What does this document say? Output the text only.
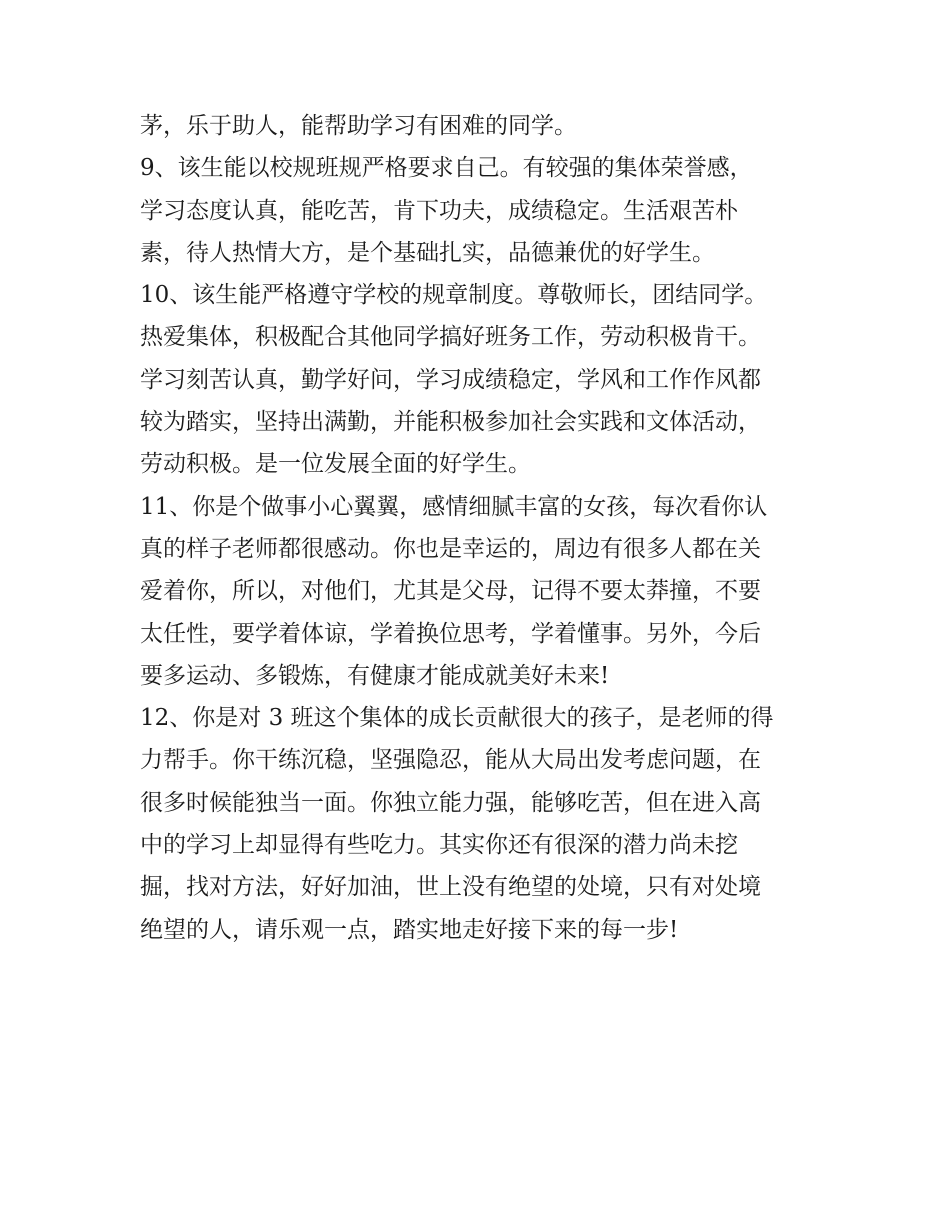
茅，乐于助人，能帮助学习有困难的同学。
9、该生能以校规班规严格要求自己。有较强的集体荣誉感，
学习态度认真，能吃苦，肯下功夫，成绩稳定。生活艰苦朴
素，待人热情大方，是个基础扎实，品德兼优的好学生。
10、该生能严格遵守学校的规章制度。尊敬师长，团结同学。
热爱集体，积极配合其他同学搞好班务工作，劳动积极肯干。
学习刻苦认真，勤学好问，学习成绩稳定，学风和工作作风都
较为踏实，坚持出满勤，并能积极参加社会实践和文体活动，
劳动积极。是一位发展全面的好学生。
11、你是个做事小心翼翼，感情细腻丰富的女孩，每次看你认
真的样子老师都很感动。你也是幸运的，周边有很多人都在关
爱着你，所以，对他们，尤其是父母，记得不要太莽撞，不要
太任性，要学着体谅，学着换位思考，学着懂事。另外，今后
要多运动、多锻炼，有健康才能成就美好未来!
12、你是对 3 班这个集体的成长贡献很大的孩子，是老师的得
力帮手。你干练沉稳，坚强隐忍，能从大局出发考虑问题，在
很多时候能独当一面。你独立能力强，能够吃苦，但在进入高
中的学习上却显得有些吃力。其实你还有很深的潜力尚未挖
掘，找对方法，好好加油，世上没有绝望的处境，只有对处境
绝望的人，请乐观一点，踏实地走好接下来的每一步!
